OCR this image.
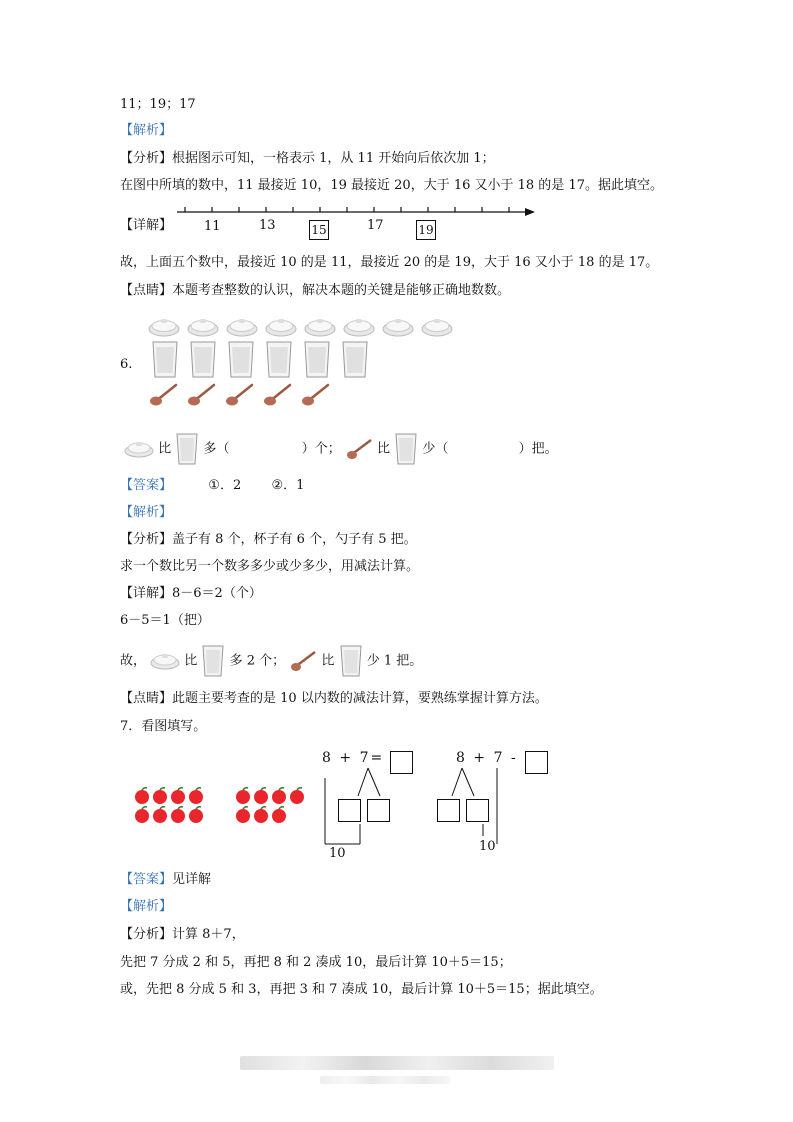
11；19；17
【解析】
【分析】根据图示可知，一格表示 1，从 11 开始向后依次加 1；
在图中所填的数中，11 最接近 10，19 最接近 20，大于 16 又小于 18 的是 17。据此填空。
【详解】 11	13	17
15	19
故，上面五个数中，最接近 10 的是 11，最接近 20 的是 19，大于 16 又小于 18 的是 17。
【点睛】本题考查整数的认识，解决本题的关键是能够正确地数数。
6.
比 多（	）个；	比 少（	）把。
【答案】	①．2 ②．1
【解析】
【分析】盖子有 8 个，杯子有 6 个，勺子有 5 把。
求一个数比另一个数多多少或少多少，用减法计算。
【详解】8－6＝2（个）
6－5＝1（把）
故，	比 多 2 个；	比 少 1 把。
【点睛】此题主要考查的是 10 以内数的减法计算，要熟练掌握计算方法。
7．看图填写。
8 + 7=
10
8 + 7 -
10
【答案】见详解
【解析】
【分析】计算 8＋7，
先把 7 分成 2 和 5，再把 8 和 2 凑成 10，最后计算 10＋5＝15；
或，先把 8 分成 5 和 3，再把 3 和 7 凑成 10，最后计算 10＋5＝15；据此填空。
